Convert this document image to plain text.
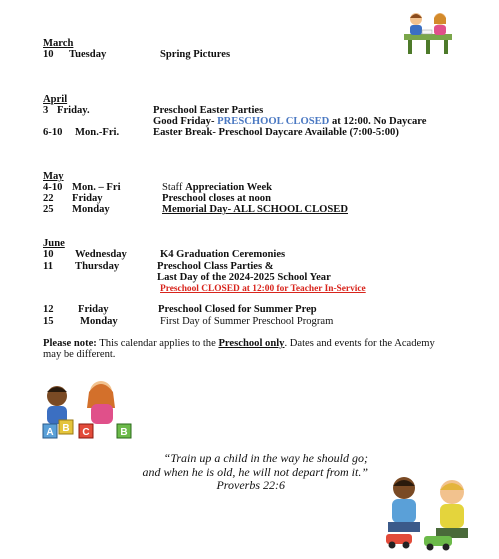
March
10 Tuesday	Spring Pictures
April
3 Friday.	Preschool Easter Parties
Good Friday- PRESCHOOL CLOSED at 12:00. No Daycare
6-10 Mon.-Fri.	Easter Break- Preschool Daycare Available (7:00-5:00)
May
4-10 Mon. – Fri	Staff Appreciation Week
22 Friday	Preschool closes at noon
25 Monday	Memorial Day- ALL SCHOOL CLOSED
June
10 Wednesday	K4 Graduation Ceremonies
11 Thursday	Preschool Class Parties &
Last Day of the 2024-2025 School Year
Preschool CLOSED at 12:00 for Teacher In-Service
12 Friday	Preschool Closed for Summer Prep
15 Monday	First Day of Summer Preschool Program
Please note: This calendar applies to the Preschool only. Dates and events for the Academy
may be different.
“Train up a child in the way he should go;
and when he is old, he will not depart from it.”
Proverbs 22:6
A B C	B
